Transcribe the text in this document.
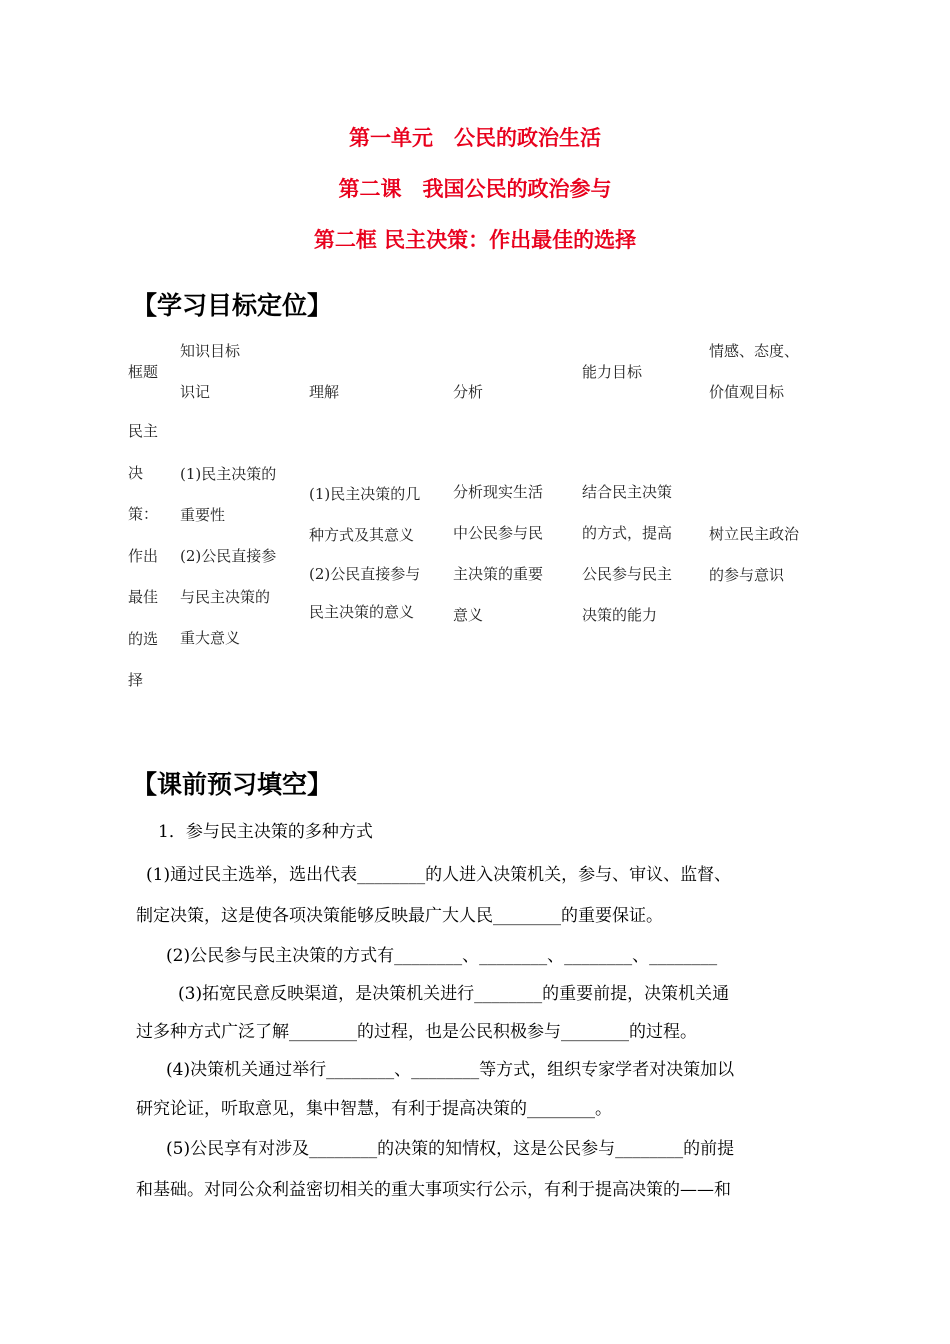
第一单元　公民的政治生活
第二课　我国公民的政治参与
第二框 民主决策：作出最佳的选择
【学习目标定位】
框题
知识目标
识记	理解	分析
能力目标
情感、态度、
价值观目标
民主
决
策：
作出
最佳
的选
择
(1)民主决策的
重要性
(2)公民直接参
与民主决策的
重大意义
(1)民主决策的几
种方式及其意义
(2)公民直接参与
民主决策的意义
分析现实生活
中公民参与民
主决策的重要
意义
结合民主决策
的方式，提高
公民参与民主
决策的能力
树立民主政治
的参与意识
【课前预习填空】
1．参与民主决策的多种方式
(1)通过民主选举，选出代表________的人进入决策机关，参与、审议、监督、
制定决策，这是使各项决策能够反映最广大人民________的重要保证。
(2)公民参与民主决策的方式有________、________、________、________
(3)拓宽民意反映渠道，是决策机关进行________的重要前提，决策机关通
过多种方式广泛了解________的过程，也是公民积极参与________的过程。
(4)决策机关通过举行________、________等方式，组织专家学者对决策加以
研究论证，听取意见，集中智慧，有利于提高决策的________。
(5)公民享有对涉及________的决策的知情权，这是公民参与________的前提
和基础。对同公众利益密切相关的重大事项实行公示，有利于提高决策的——和
